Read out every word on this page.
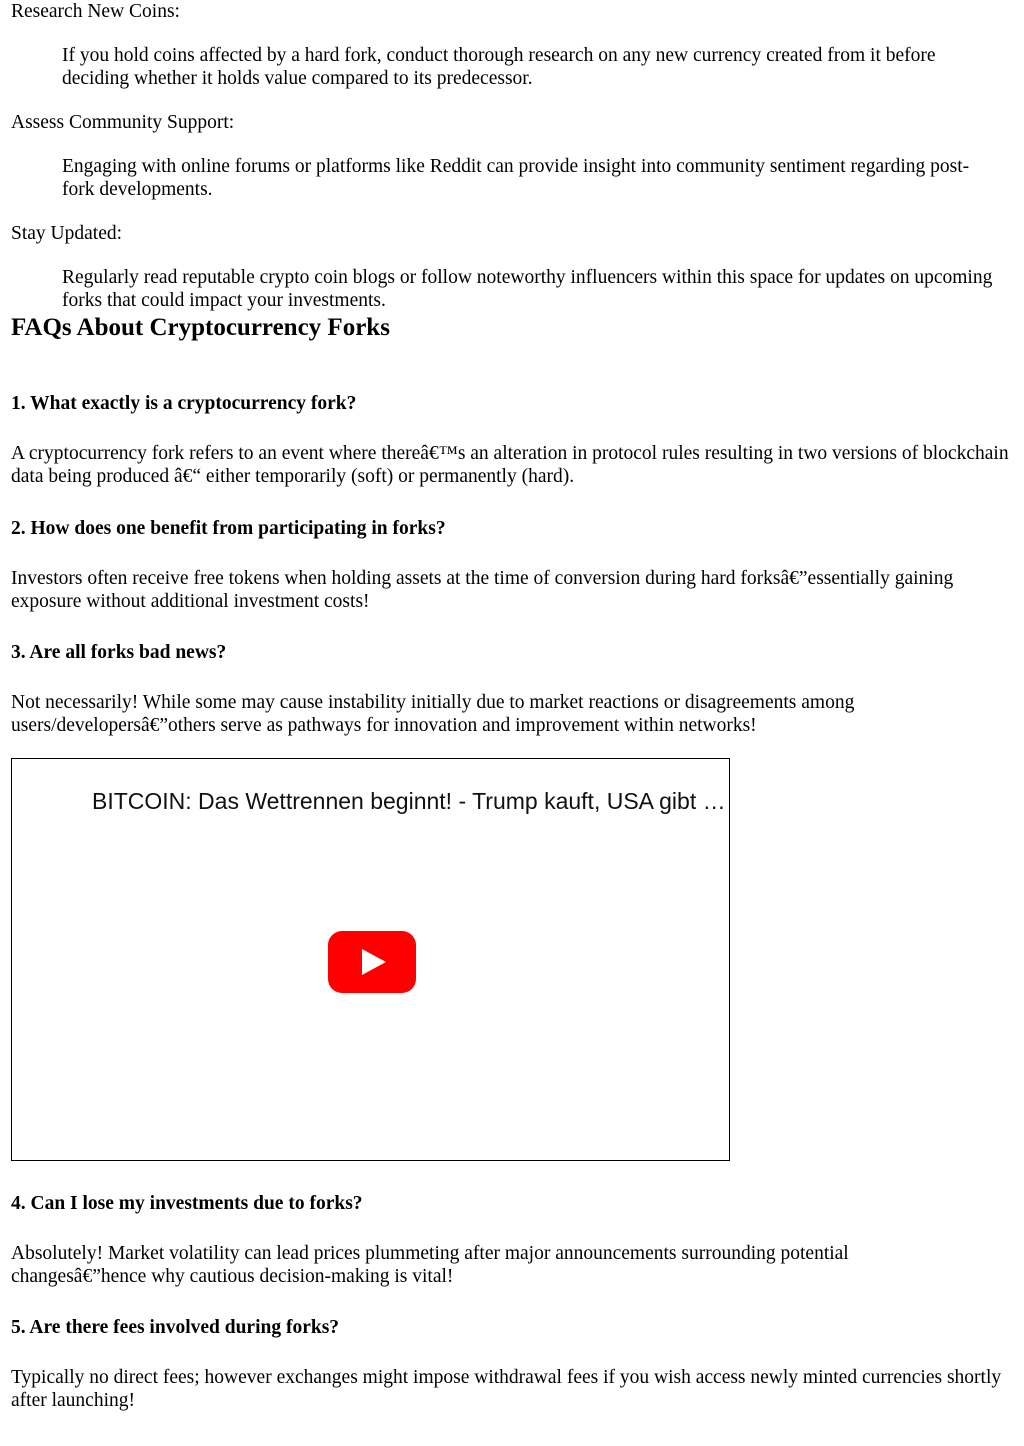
Research New Coins:
If you hold coins affected by a hard fork, conduct thorough research on any new currency created from it before deciding whether it holds value compared to its predecessor.
Assess Community Support:
Engaging with online forums or platforms like Reddit can provide insight into community sentiment regarding post-fork developments.
Stay Updated:
Regularly read reputable crypto coin blogs or follow noteworthy influencers within this space for updates on upcoming forks that could impact your investments.
FAQs About Cryptocurrency Forks
1. What exactly is a cryptocurrency fork?

A cryptocurrency fork refers to an event where thereâ€™s an alteration in protocol rules resulting in two versions of blockchain data being produced â€“ either temporarily (soft) or permanently (hard).

2. How does one benefit from participating in forks?

Investors often receive free tokens when holding assets at the time of conversion during hard forksâ€”essentially gaining exposure without additional investment costs!

3. Are all forks bad news?

Not necessarily! While some may cause instability initially due to market reactions or disagreements among users/developersâ€”others serve as pathways for innovation and improvement within networks!

4. Can I lose my investments due to forks?

Absolutely! Market volatility can lead prices plummeting after major announcements surrounding potential changesâ€”hence why cautious decision-making is vital!

5. Are there fees involved during forks?

Typically no direct fees; however exchanges might impose withdrawal fees if you wish access newly minted currencies shortly after launching!

BITCOIN: Das Wettrennen beginnt! - Trump kauft, USA gibt …
